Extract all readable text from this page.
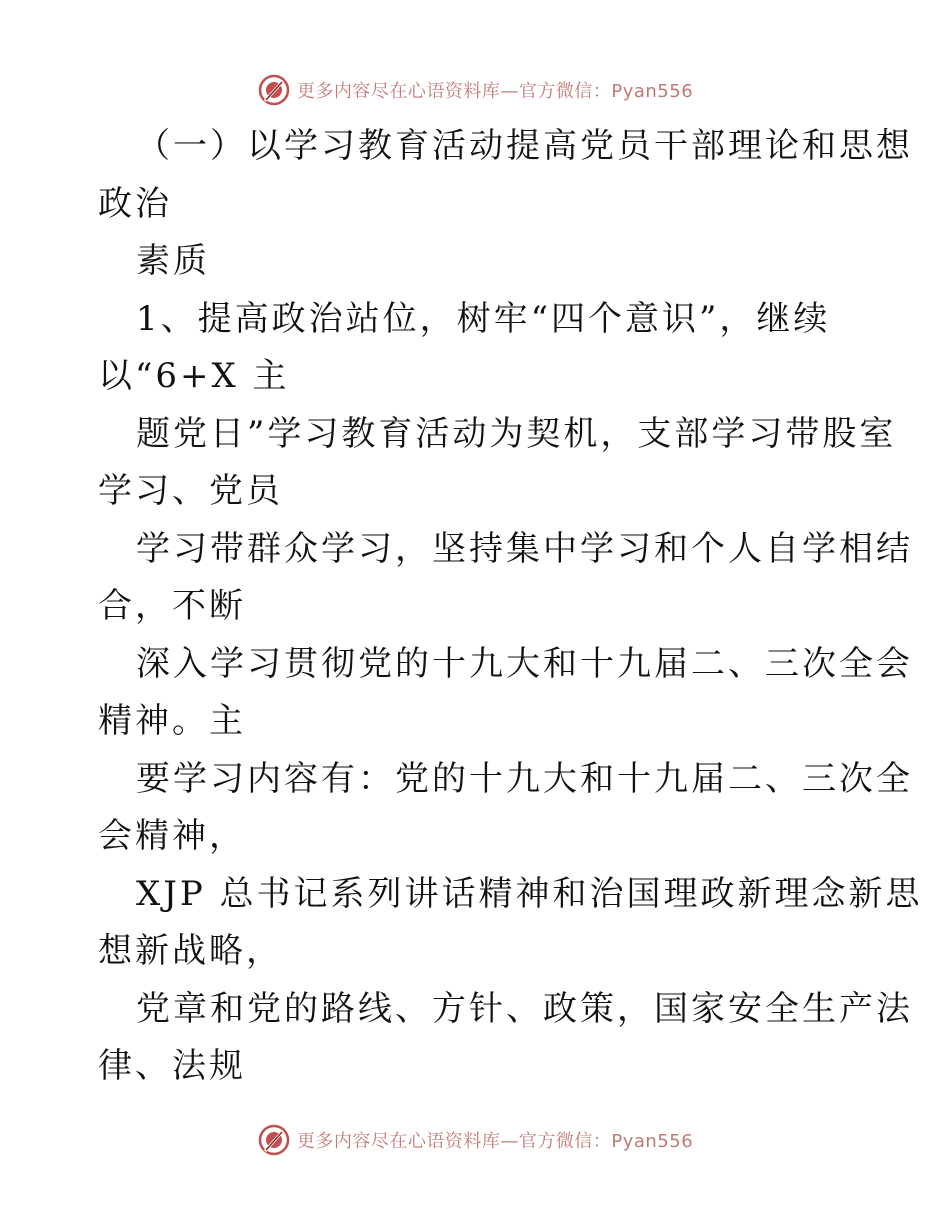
更多内容尽在心语资料库—官方微信：Pyan556
（一）以学习教育活动提高党员干部理论和思想
政治
素质
1、提高政治站位，树牢“四个意识”，继续
以“6+X 主
题党日”学习教育活动为契机，支部学习带股室
学习、党员
学习带群众学习，坚持集中学习和个人自学相结
合，不断
深入学习贯彻党的十九大和十九届二、三次全会
精神。主
要学习内容有：党的十九大和十九届二、三次全
会精神，
XJP 总书记系列讲话精神和治国理政新理念新思
想新战略，
党章和党的路线、方针、政策，国家安全生产法
律、法规
更多内容尽在心语资料库—官方微信：Pyan556
